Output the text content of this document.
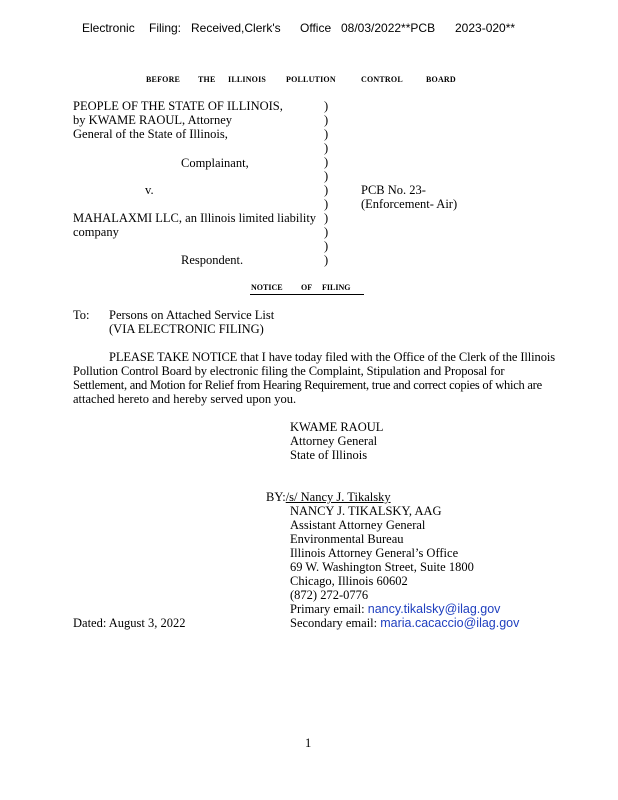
Electronic Filing: Received,Clerk's Office 08/03/2022**PCB 2023-020**
BEFORE THE ILLINOIS POLLUTION	CONTROL	BOARD
PEOPLE OF THE STATE OF ILLINOIS,
by KWAME RAOUL, Attorney
General of the State of Illinois,
Complainant,
v.
MAHALAXMI LLC, an Illinois limited liability
company
Respondent.
)
)
)
)
)
)
)
)
)
)
)
)
PCB No. 23-
(Enforcement- Air)
NOTICE OF FILING
To: Persons on Attached Service List
(VIA ELECTRONIC FILING)
PLEASE TAKE NOTICE that I have today filed with the Office of the Clerk of the Illinois
Pollution Control Board by electronic filing the Complaint, Stipulation and Proposal for
Settlement, and Motion for Relief from Hearing Requirement, true and correct copies of which are
attached hereto and hereby served upon you.
KWAME RAOUL
Attorney General
State of Illinois
BY:/s/ Nancy J. Tikalsky
NANCY J. TIKALSKY, AAG
Assistant Attorney General
Environmental Bureau
Illinois Attorney General’s Office
69 W. Washington Street, Suite 1800
Chicago, Illinois 60602
(872) 272-0776
Primary email: nancy.tikalsky@ilag.gov
Secondary email: maria.cacaccio@ilag.gov
Dated: August 3, 2022
1
